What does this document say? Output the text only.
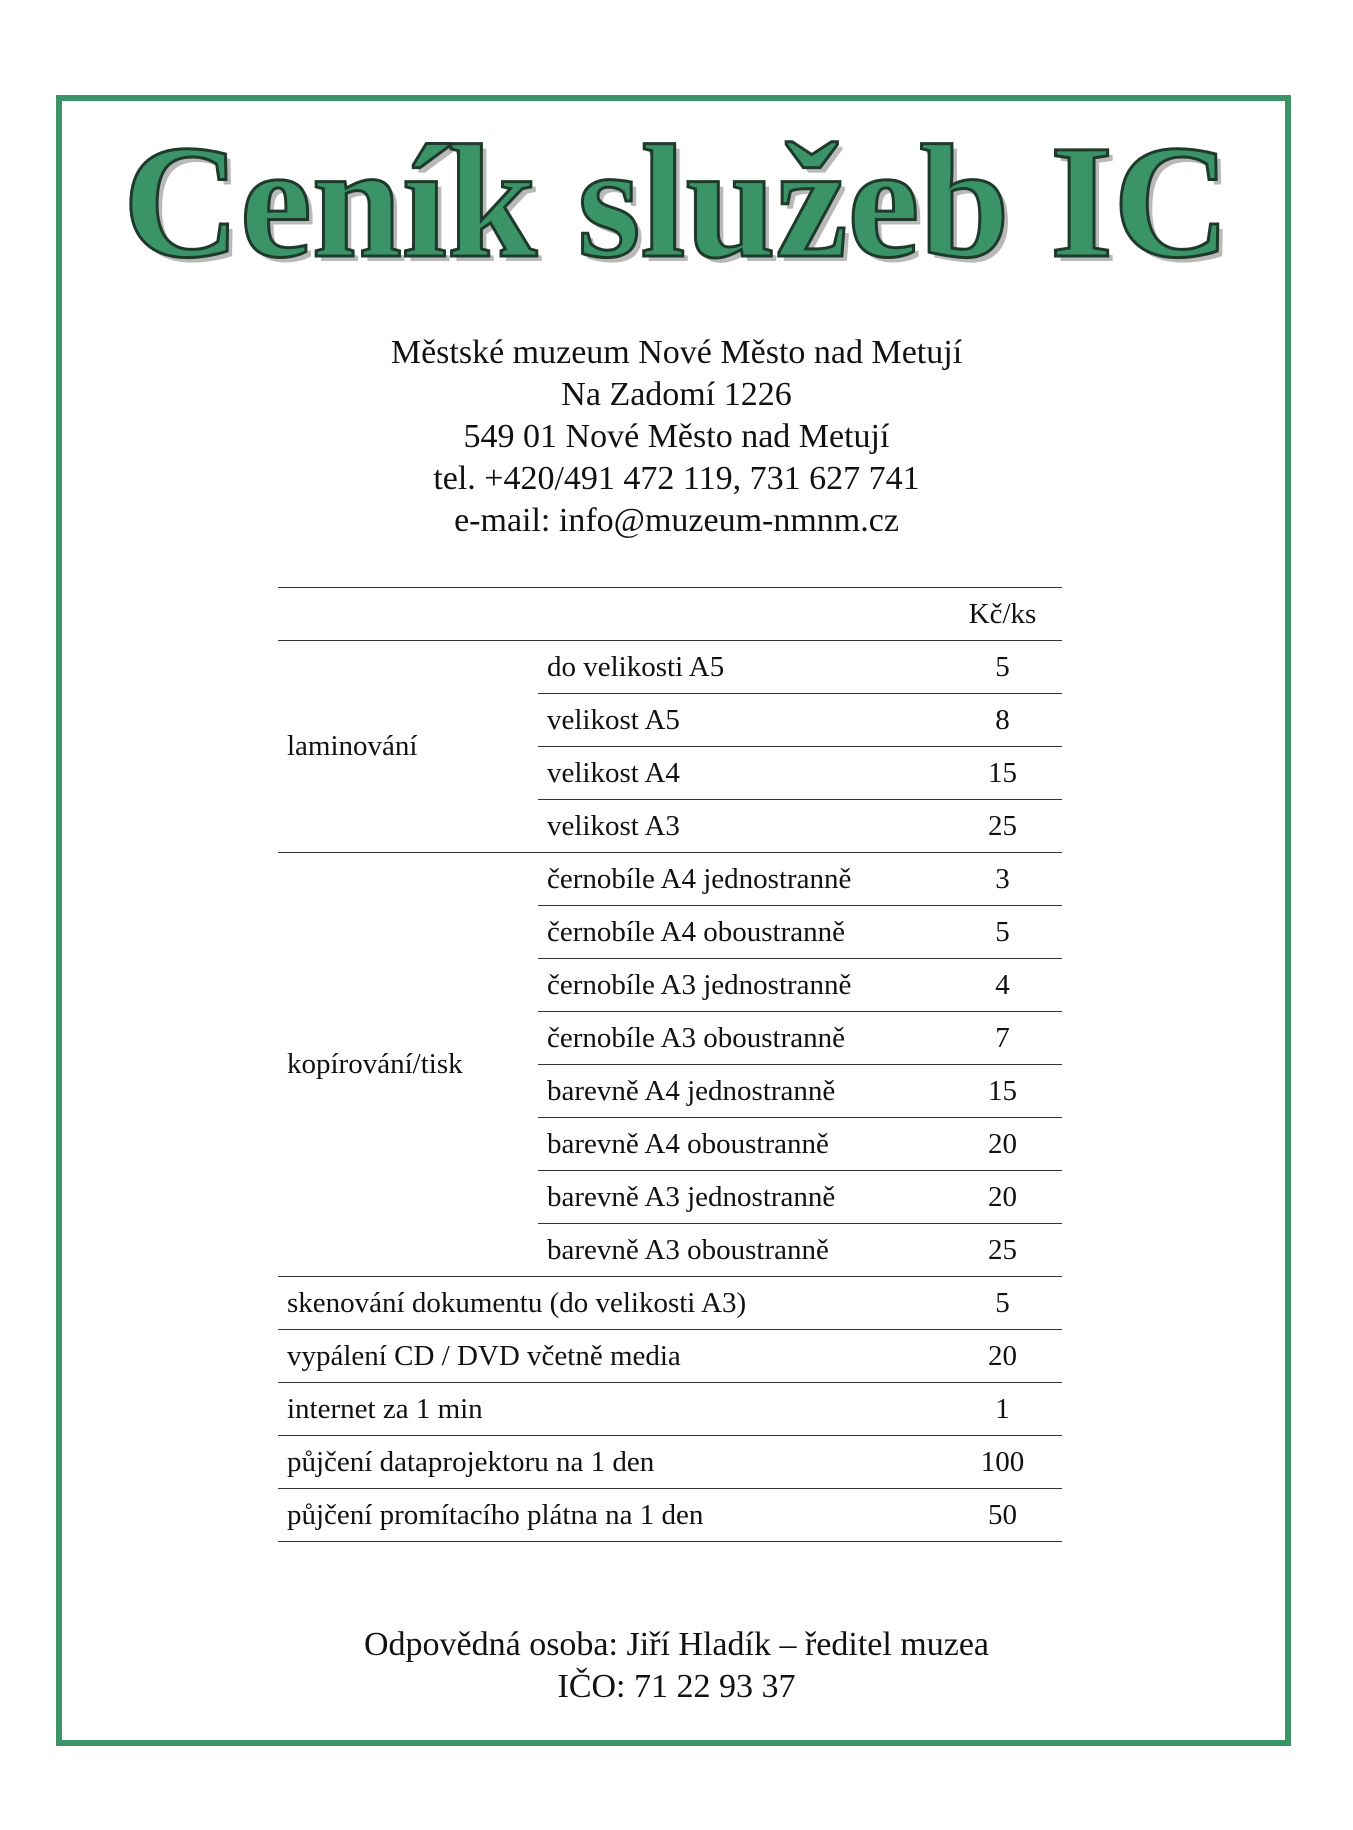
Ceník služeb IC
Městské muzeum Nové Město nad Metují
Na Zadomí 1226
549 01 Nové Město nad Metují
tel. +420/491 472 119, 731 627 741
e-mail: info@muzeum-nmnm.cz
		Kč/ks
laminování	do velikosti A5	5
	velikost A5	8
	velikost A4	15
	velikost A3	25
kopírování/tisk	černobíle A4 jednostranně	3
	černobíle A4 oboustranně	5
	černobíle A3 jednostranně	4
	černobíle A3 oboustranně	7
	barevně A4 jednostranně	15
	barevně A4 oboustranně	20
	barevně A3 jednostranně	20
	barevně A3 oboustranně	25
skenování dokumentu (do velikosti A3)		5
vypálení CD / DVD včetně media		20
internet za 1 min		1
půjčení dataprojektoru na 1 den		100
půjčení promítacího plátna na 1 den		50
Odpovědná osoba: Jiří Hladík – ředitel muzea
IČO: 71 22 93 37
